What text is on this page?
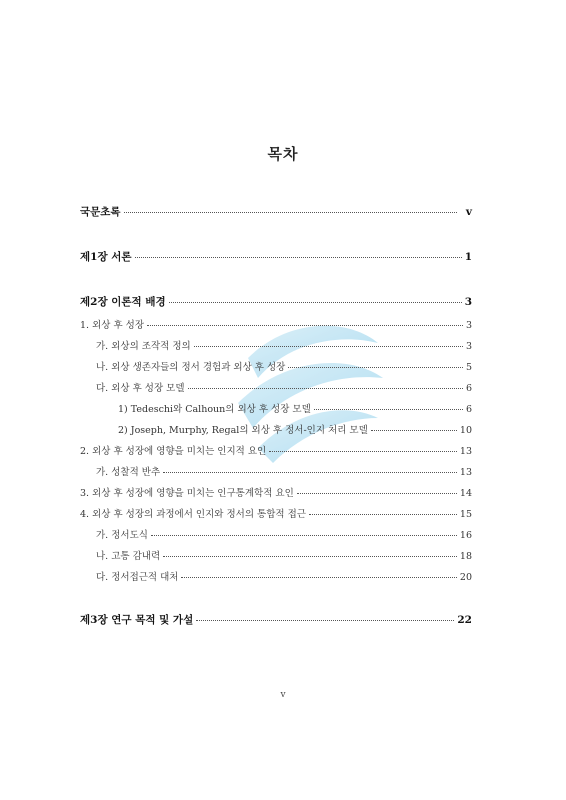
목차
국문초록	v
제1장 서론	1
제2장 이론적 배경	3
1. 외상 후 성장	3
가. 외상의 조작적 정의	3
나. 외상 생존자들의 정서 경험과 외상 후 성장	5
다. 외상 후 성장 모델	6
1) Tedeschi와 Calhoun의 외상 후 성장 모델	6
2) Joseph, Murphy, Regal의 외상 후 정서-인지 처리 모델	10
2. 외상 후 성장에 영향을 미치는 인지적 요인	13
가. 성찰적 반추	13
3. 외상 후 성장에 영향을 미치는 인구통계학적 요인	14
4. 외상 후 성장의 과정에서 인지와 정서의 통합적 접근	15
가. 정서도식	16
나. 고통 감내력	18
다. 정서접근적 대처	20
제3장 연구 목적 및 가설	22
v
